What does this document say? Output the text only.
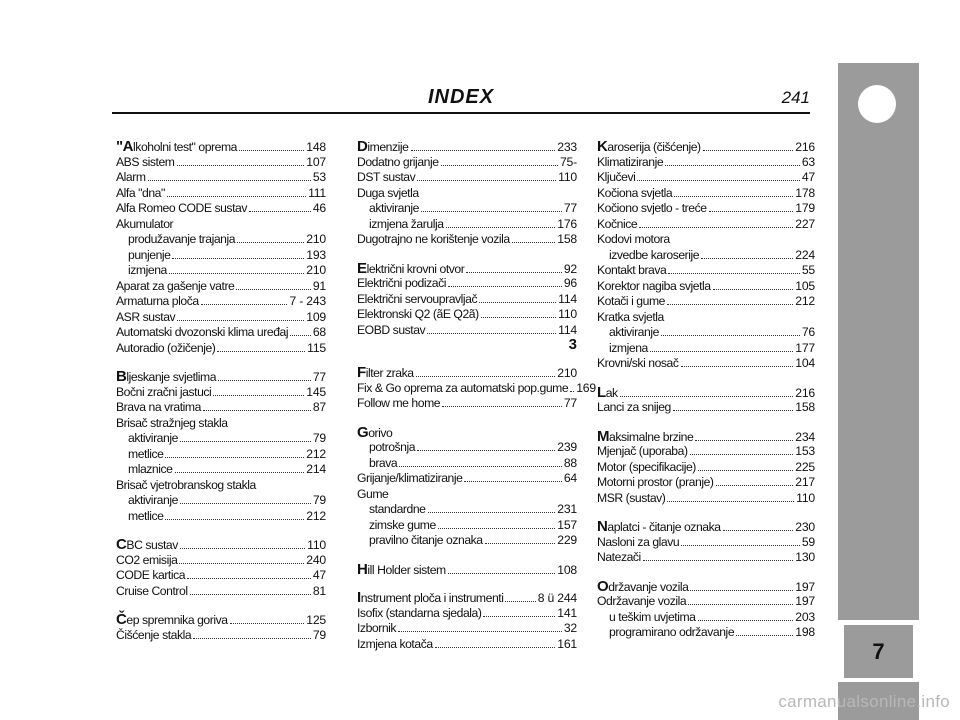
INDEX	241
7
"Alkoholni test" oprema	148
ABS sistem	107
Alarm	53
Alfa "dna"	111
Alfa Romeo CODE sustav	46
Akumulator
produžavanje trajanja	210
punjenje	193
izmjena	210
Aparat za gašenje vatre	91
Armaturna ploča	7 - 243
ASR sustav	109
Automatski dvozonski klima uređaj 68
Autoradio (ožičenje)	115
Bljeskanje svjetlima	77
Bočni zračni jastuci	145
Brava na vratima	87
Brisač stražnjeg stakla
aktiviranje	79
metlice	212
mlaznice	214
Brisač vjetrobranskog stakla
aktiviranje	79
metlice	212
CBC sustav	110
CO2 emisija	240
CODE kartica	47
Cruise Control	81
Čep spremnika goriva	125
Čišćenje stakla	79
Dimenzije	233
Dodatno grijanje	75-
DST sustav	110
Duga svjetla
aktiviranje	77
izmjena žarulja	176
Dugotrajno ne korištenje vozila	158
Električni krovni otvor	92
Električni podizači	96
Električni servoupravljač	114
Elektronski Q2 (ãE Q2ã)	110
EOBD sustav	114
3
Filter zraka	210
Fix & Go oprema za automatski pop.gume 169
Follow me home	77
Gorivo
potrošnja	239
brava	88
Grijanje/klimatiziranje	64
Gume
standardne	231
zimske gume	157
pravilno čitanje oznaka	229
Hill Holder sistem	108
Instrument ploča i instrumenti	8 ü 244
Isofix (standarna sjedala)	141
Izbornik	32
Izmjena kotača	161
Karoserija (čišćenje)	216
Klimatiziranje	63
Ključevi	47
Kočiona svjetla	178
Kočiono svjetlo - treće	179
Kočnice	227
Kodovi motora
izvedbe karoserije	224
Kontakt brava	55
Korektor nagiba svjetla	105
Kotači i gume	212
Kratka svjetla
aktiviranje	76
izmjena	177
Krovni/ski nosač	104
Lak	216
Lanci za snijeg	158
Maksimalne brzine	234
Mjenjač (uporaba)	153
Motor (specifikacije)	225
Motorni prostor (pranje)	217
MSR (sustav)	110
Naplatci - čitanje oznaka	230
Nasloni za glavu	59
Natezači	130
Održavanje vozila	197
Održavanje vozila	197
u teškim uvjetima	203
programirano održavanje	198
carmanualsonline.info
